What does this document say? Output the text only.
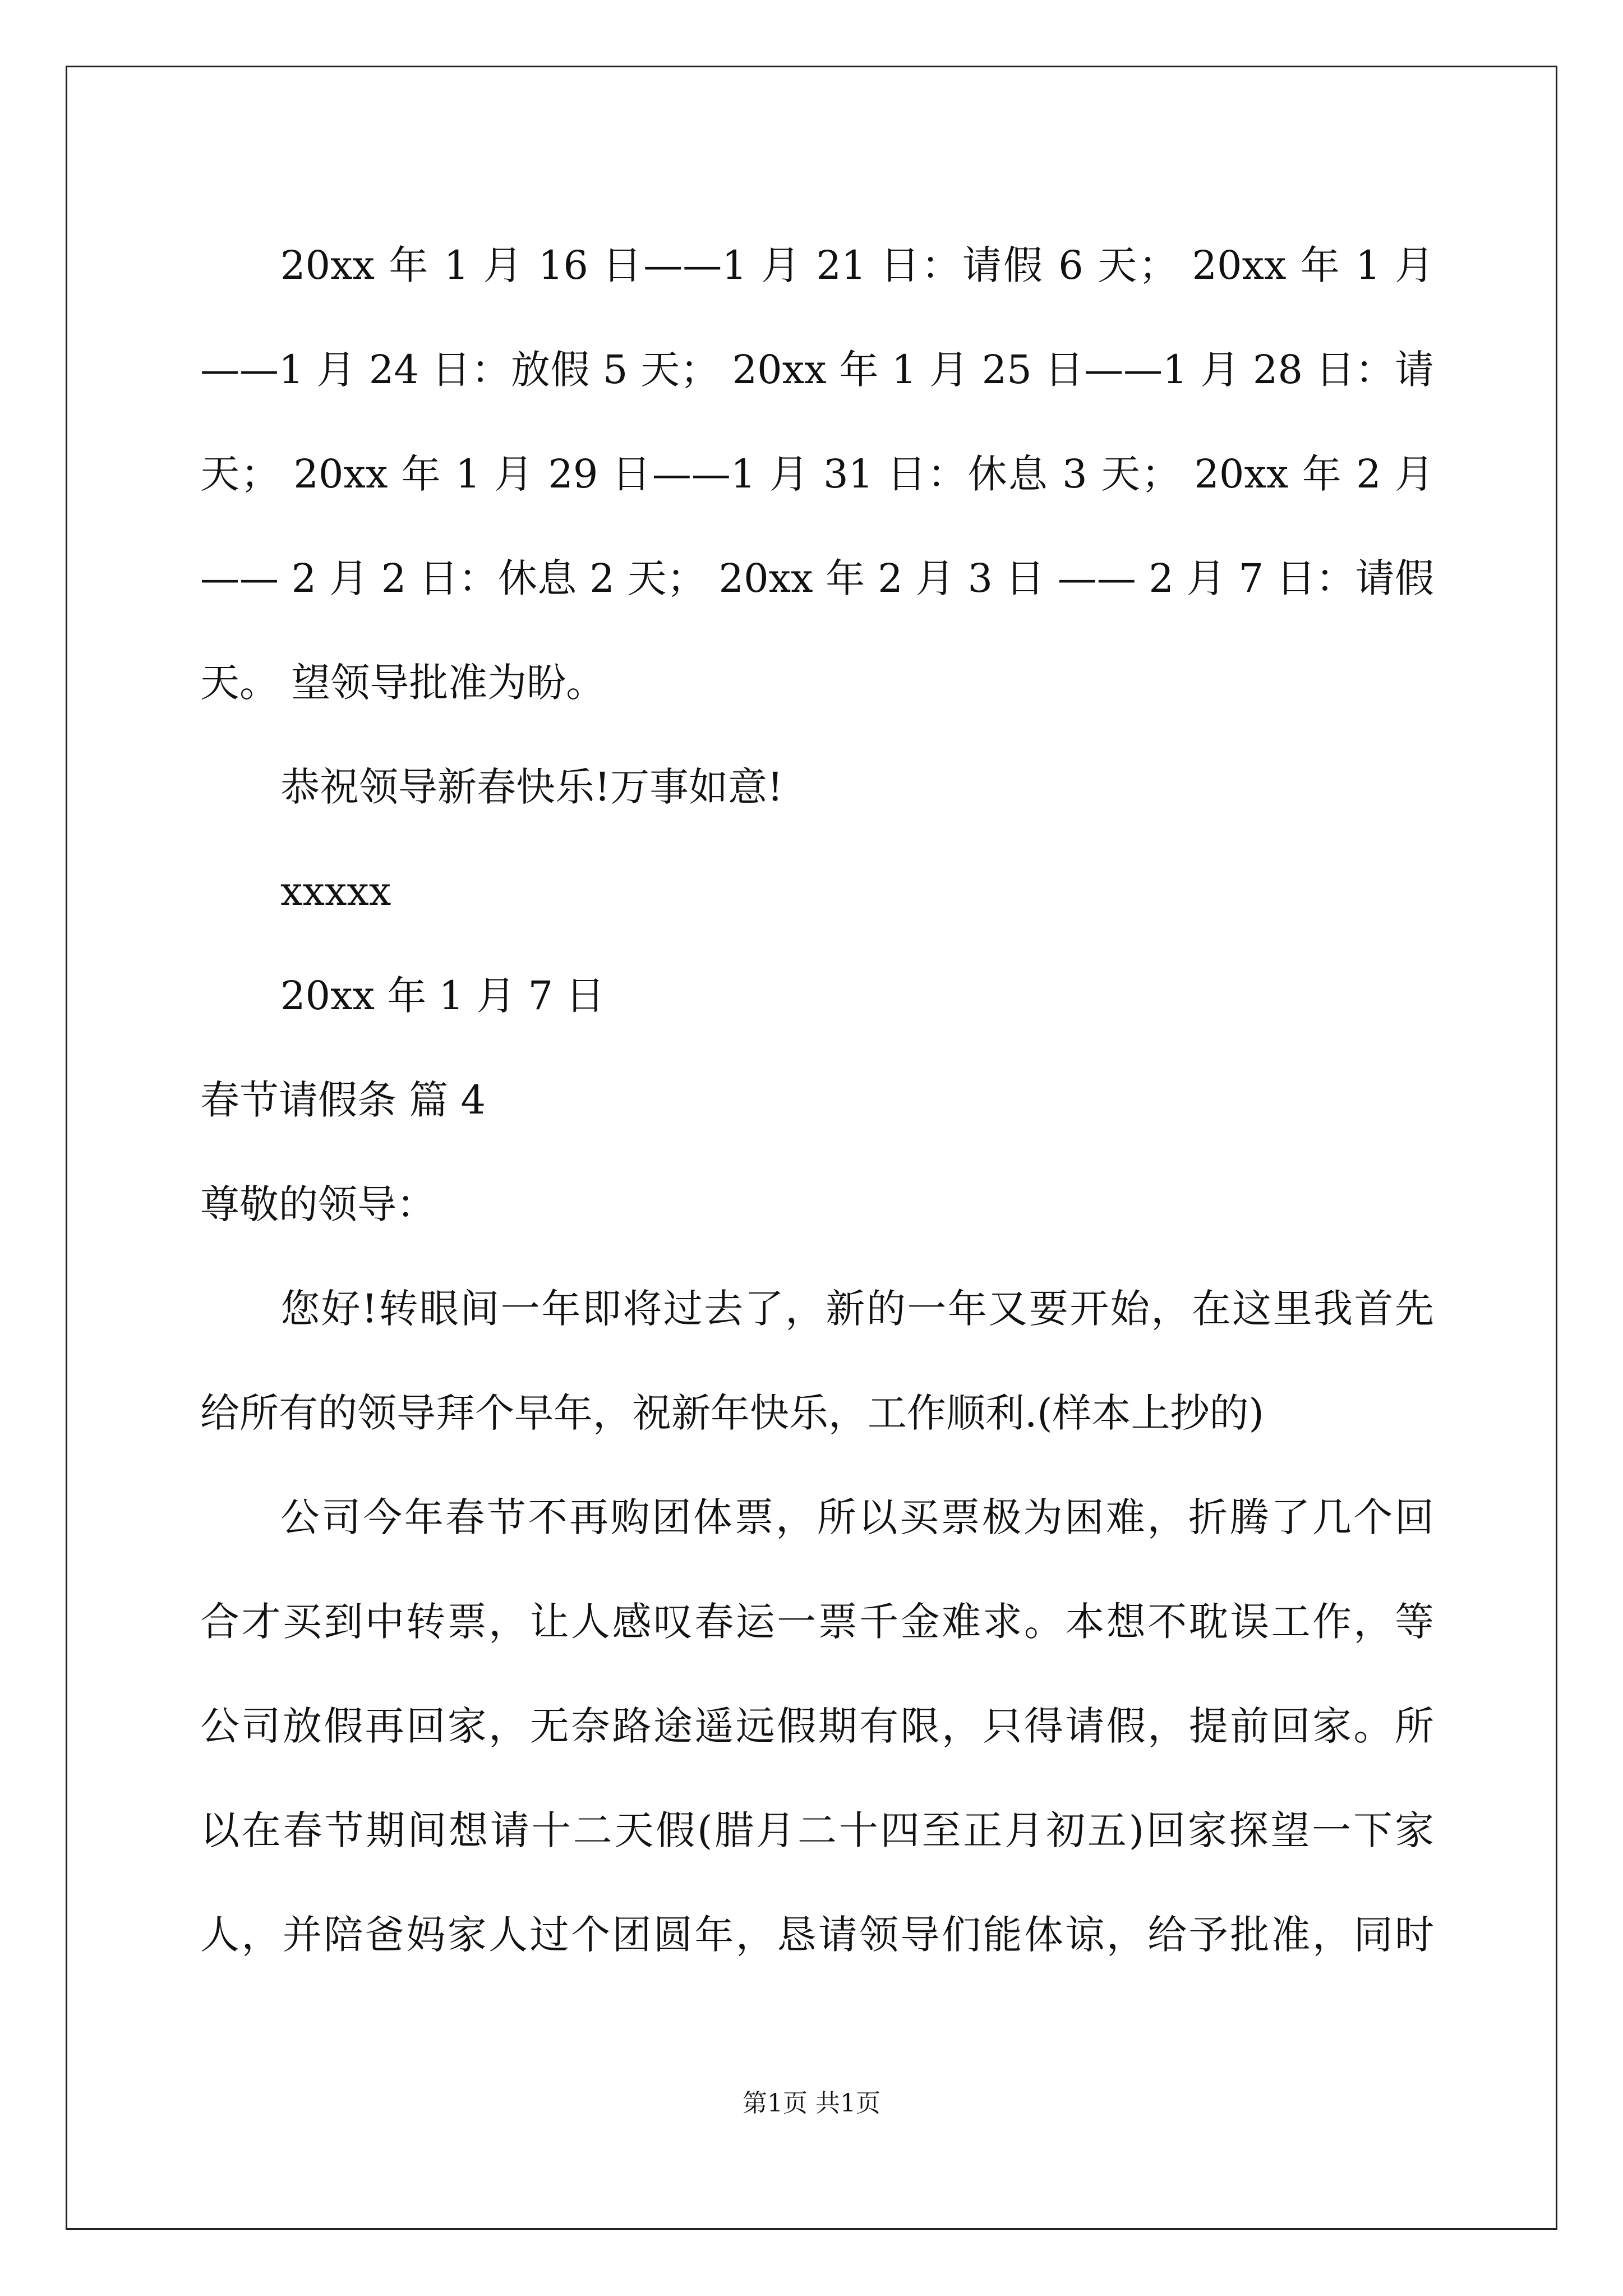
20xx 年 1 月 16 日——1 月 21 日：请假 6 天； 20xx 年 1 月
——1 月 24 日：放假 5 天； 20xx 年 1 月 25 日——1 月 28 日：请
天； 20xx 年 1 月 29 日——1 月 31 日：休息 3 天； 20xx 年 2 月
—— 2 月 2 日：休息 2 天； 20xx 年 2 月 3 日 —— 2 月 7 日：请假
天。 望领导批准为盼。
恭祝领导新春快乐!万事如意!
xxxxx
20xx 年 1 月 7 日
春节请假条 篇 4
尊敬的领导：
您好!转眼间一年即将过去了，新的一年又要开始，在这里我首先
给所有的领导拜个早年，祝新年快乐，工作顺利.(样本上抄的)
公司今年春节不再购团体票，所以买票极为困难，折腾了几个回
合才买到中转票，让人感叹春运一票千金难求。本想不耽误工作，等
公司放假再回家，无奈路途遥远假期有限，只得请假，提前回家。所
以在春节期间想请十二天假(腊月二十四至正月初五)回家探望一下家
人，并陪爸妈家人过个团圆年，恳请领导们能体谅，给予批准，同时
第1页 共1页
